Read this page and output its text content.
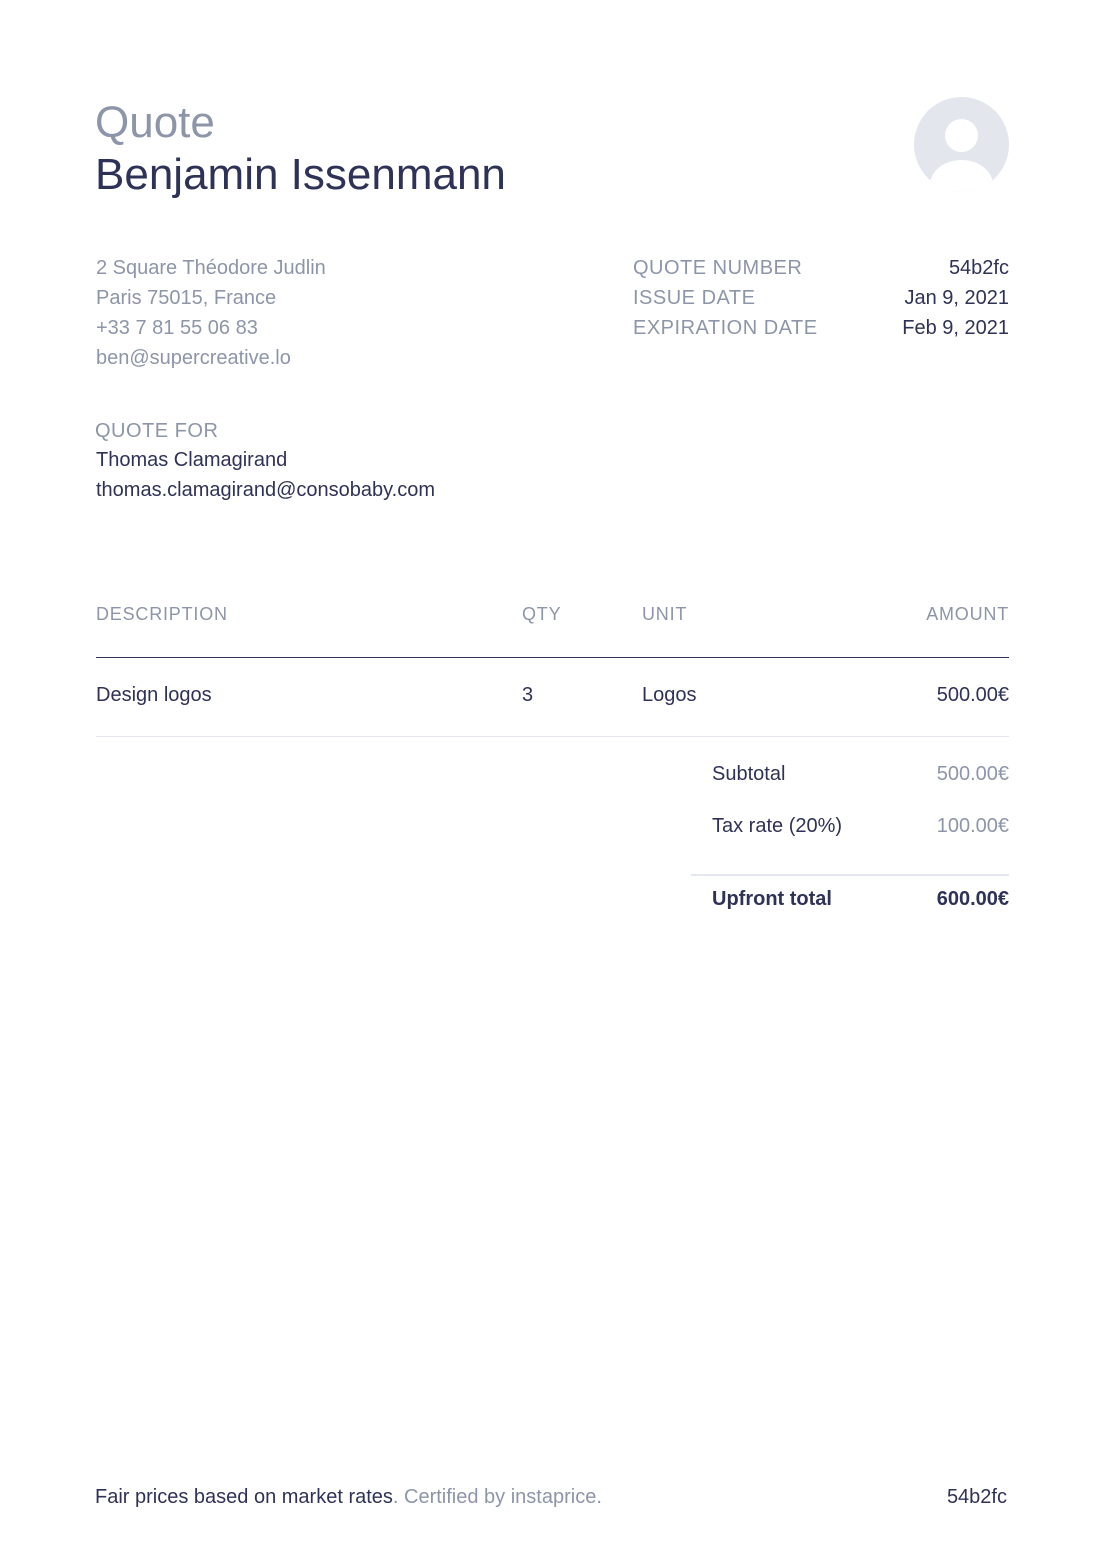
Quote
Benjamin Issenmann
2 Square Théodore Judlin
Paris 75015, France
+33 7 81 55 06 83
ben@supercreative.lo
QUOTE NUMBER	54b2fc
ISSUE DATE	Jan 9, 2021
EXPIRATION DATE	Feb 9, 2021
QUOTE FOR
Thomas Clamagirand
thomas.clamagirand@consobaby.com
DESCRIPTION	QTY	UNIT	AMOUNT
Design logos	3	Logos	500.00€
Subtotal	500.00€
Tax rate (20%)	100.00€
Upfront total	600.00€
Fair prices based on market rates. Certified by instaprice.	54b2fc
